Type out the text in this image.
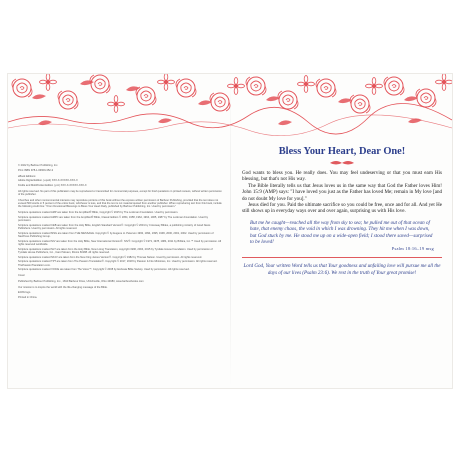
© 2022 by Barbour Publishing, Inc.

Print ISBN 978-1-63609-352-3

eBook Editions:

Adobe Digital Edition (.epub) XXX-X-XXXXX-XXX-X

Kindle and MobiPocket Edition (.prc) XXX-X-XXXXX-XXX-X

All rights reserved. No part of this publication may be reproduced or transmitted for commercial purposes, except for brief quotations in printed reviews, without written permission of the publisher.

Churches and other noncommercial interests may reproduce portions of this book without the express written permission of Barbour Publishing, provided that the text does not exceed 500 words or 5 percent of the entire book, whichever is less, and that the text is not material quoted from another publisher. When reproducing text from this book, include the following credit line: "From Devotional Blessings to Bless Your Heart Daily, published by Barbour Publishing, Inc. Used by permission."

Scripture quotations marked AMP are taken from the Amplified® Bible, Copyright © 2015 by The Lockman Foundation. Used by permission.

Scripture quotations marked AMPC are taken from the Amplified® Bible, Classic Edition © 1954, 1958, 1962, 1964, 1965, 1987 by The Lockman Foundation. Used by permission.

Scripture quotations marked CEB are taken from the Holy Bible, English Standard Version®. Copyright © 2001 by Crossway Bibles, a publishing ministry of Good News Publishers. Used by permission. All rights reserved.

Scripture quotations marked MSG are taken from THE MESSAGE. Copyright © by Eugene H. Peterson 1993, 1994, 1995, 1996, 2000, 2001, 2002. Used by permission of NavPress Publishing Group.

Scripture quotations marked NIV are taken from the Holy Bible, New International Version®. NIV®. Copyright © 1973, 1978, 1984, 2011 by Biblica, Inc.™ Used by permission. All rights reserved worldwide.

Scripture quotations marked NLT are taken from the Holy Bible, New Living Translation, copyright 1996, 2004, 2015 by Tyndale House Foundation. Used by permission of Tyndale House Publishers, Inc., Carol Stream, Illinois 60188. All rights reserved.

Scripture quotations marked NKJV are taken from the New King James Version®. Copyright © 1982 by Thomas Nelson. Used by permission. All rights reserved.

Scripture quotations marked TPT are taken from The Passion Translation®. Copyright © 2017, 2018 by Passion & Fire Ministries, Inc. Used by permission. All rights reserved. ThePassionTranslation.com.

Scripture quotations marked VOICE are taken from The Voice™. Copyright © 2008 by Ecclesia Bible Society. Used by permission. All rights reserved.

Cover

Published by Barbour Publishing, Inc., 1810 Barbour Drive, Uhrichsville, Ohio 44683, www.barbourbooks.com

Our mission is to inspire the world with the life-changing message of the Bible.

ECPA logo

Printed in China.

Bless Your Heart, Dear One!

God wants to bless you. He really does. You may feel undeserving or that you must earn His blessing, but that's not His way.

The Bible literally tells us that Jesus loves us in the same way that God the Father loves Him! John 15:9 (AMP) says: "I have loved you just as the Father has loved Me; remain in My love [and do not doubt My love for you]."

Jesus died for you. Paid the ultimate sacrifice so you could be free, once and for all. And yet He still shows up in everyday ways over and over again, surprising us with His love.

But me he caught—reached all the way from sky to sea; he pulled me out of that ocean of hate, that enemy chaos, the void in which I was drowning. They hit me when I was down, but God stuck by me. He stood me up on a wide-open field; I stood there saved—surprised to be loved!

Psalm 18:16–19 msg

Lord God, Your written Word tells us that Your goodness and unfailing love will pursue me all the days of our lives (Psalm 23:6). We rest in the truth of Your great promise!
